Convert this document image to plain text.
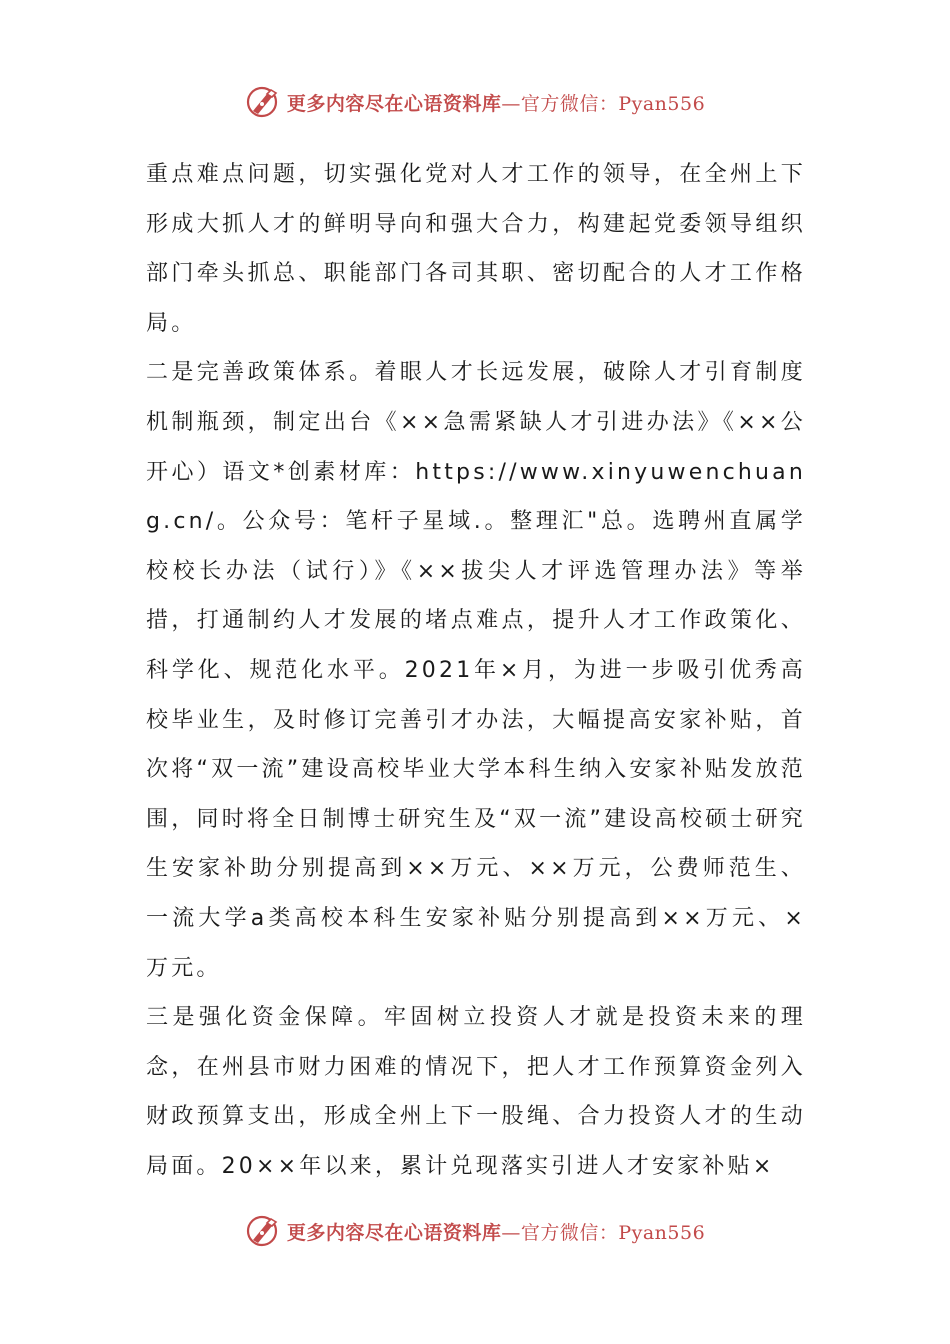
更多内容尽在心语资料库—官方微信：Pyan556

重点难点问题，切实强化党对人才工作的领导，在全州上下形成大抓人才的鲜明导向和强大合力，构建起党委领导组织部门牵头抓总、职能部门各司其职、密切配合的人才工作格局。

二是完善政策体系。着眼人才长远发展，破除人才引育制度机制瓶颈，制定出台《××急需紧缺人才引进办法》《××公开心）语文*创素材库：https://www.xinyuwenchuang.cn/。公众号：笔杆子星域.。整理汇"总。选聘州直属学校校长办法（试行）》《××拔尖人才评选管理办法》等举措，打通制约人才发展的堵点难点，提升人才工作政策化、科学化、规范化水平。2021年×月，为进一步吸引优秀高校毕业生，及时修订完善引才办法，大幅提高安家补贴，首次将“双一流”建设高校毕业大学本科生纳入安家补贴发放范围，同时将全日制博士研究生及“双一流”建设高校硕士研究生安家补助分别提高到××万元、××万元，公费师范生、一流大学a类高校本科生安家补贴分别提高到××万元、×万元。

三是强化资金保障。牢固树立投资人才就是投资未来的理念，在州县市财力困难的情况下，把人才工作预算资金列入财政预算支出，形成全州上下一股绳、合力投资人才的生动局面。20××年以来，累计兑现落实引进人才安家补贴×

更多内容尽在心语资料库—官方微信：Pyan556
